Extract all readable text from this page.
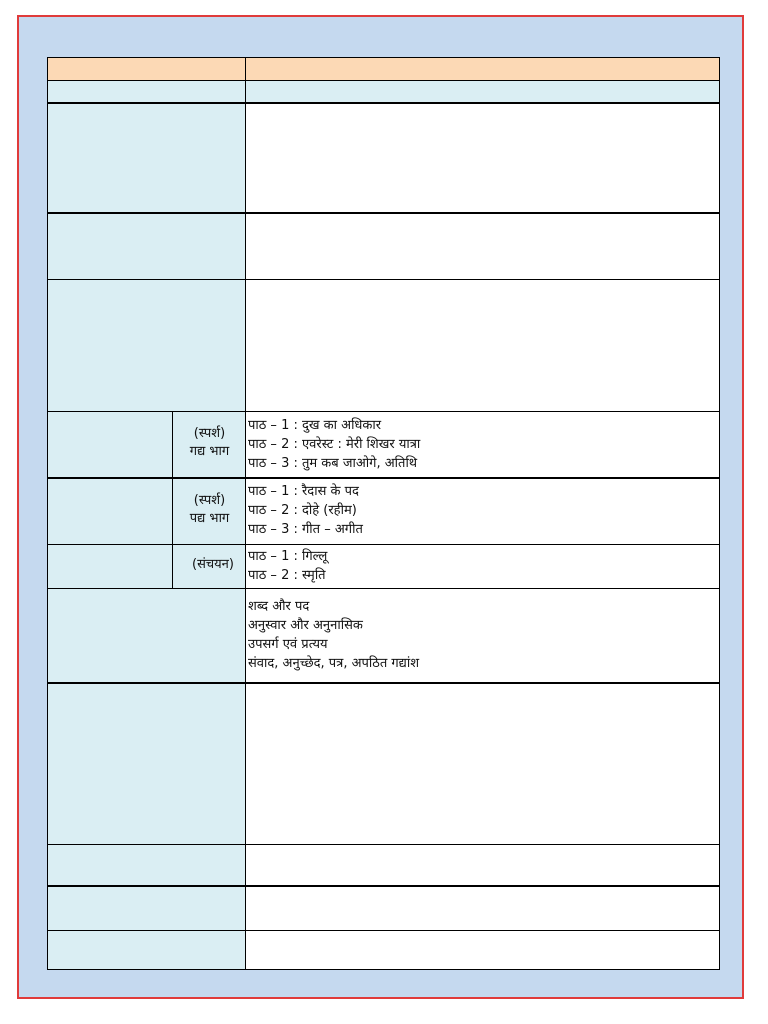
(स्पर्श)
गद्य भाग
पाठ – 1 : दुख का अधिकार
पाठ – 2 : एवरेस्ट : मेरी शिखर यात्रा
पाठ – 3 : तुम कब जाओगे, अतिथि
(स्पर्श)
पद्य भाग
पाठ – 1 : रैदास के पद
पाठ – 2 : दोहे (रहीम)
पाठ – 3 : गीत – अगीत
(संचयन)
पाठ – 1 : गिल्लू
पाठ – 2 : स्मृति
शब्द और पद
अनुस्वार और अनुनासिक
उपसर्ग एवं प्रत्यय
संवाद, अनुच्छेद, पत्र, अपठित गद्यांश
